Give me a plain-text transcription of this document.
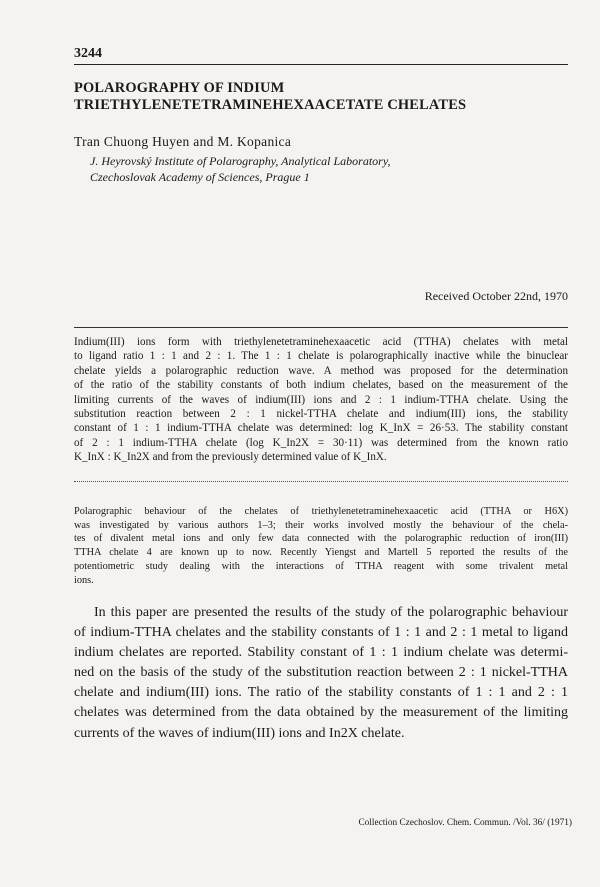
3244
POLAROGRAPHY OF INDIUM
TRIETHYLENETETRAMINEHEXAACETATE CHELATES
Tran Chuong Huyen and M. Kopanica
J. Heyrovský Institute of Polarography, Analytical Laboratory,
Czechoslovak Academy of Sciences, Prague 1
Received October 22nd, 1970
Indium(III) ions form with triethylenetetraminehexaacetic acid (TTHA) chelates with metal
to ligand ratio 1 : 1 and 2 : 1. The 1 : 1 chelate is polarographically inactive while the binuclear
chelate yields a polarographic reduction wave. A method was proposed for the determination
of the ratio of the stability constants of both indium chelates, based on the measurement of the
limiting currents of the waves of indium(III) ions and 2 : 1 indium-TTHA chelate. Using the
substitution reaction between 2 : 1 nickel-TTHA chelate and indium(III) ions, the stability
constant of 1 : 1 indium-TTHA chelate was determined: log K_InX = 26·53. The stability constant
of 2 : 1 indium-TTHA chelate (log K_In2X = 30·11) was determined from the known ratio
K_InX : K_In2X and from the previously determined value of K_InX.
Polarographic behaviour of the chelates of triethylenetetraminehexaacetic acid (TTHA or H6X)
was investigated by various authors 1–3; their works involved mostly the behaviour of the chela-
tes of divalent metal ions and only few data connected with the polarographic reduction of iron(III)
TTHA chelate 4 are known up to now. Recently Yiengst and Martell 5 reported the results of the
potentiometric study dealing with the interactions of TTHA reagent with some trivalent metal
ions.
In this paper are presented the results of the study of the polarographic behaviour
of indium-TTHA chelates and the stability constants of 1 : 1 and 2 : 1 metal to ligand
indium chelates are reported. Stability constant of 1 : 1 indium chelate was determi-
ned on the basis of the study of the substitution reaction between 2 : 1 nickel-TTHA
chelate and indium(III) ions. The ratio of the stability constants of 1 : 1 and 2 : 1
chelates was determined from the data obtained by the measurement of the limiting
currents of the waves of indium(III) ions and In2X chelate.
Collection Czechoslov. Chem. Commun. /Vol. 36/ (1971)
